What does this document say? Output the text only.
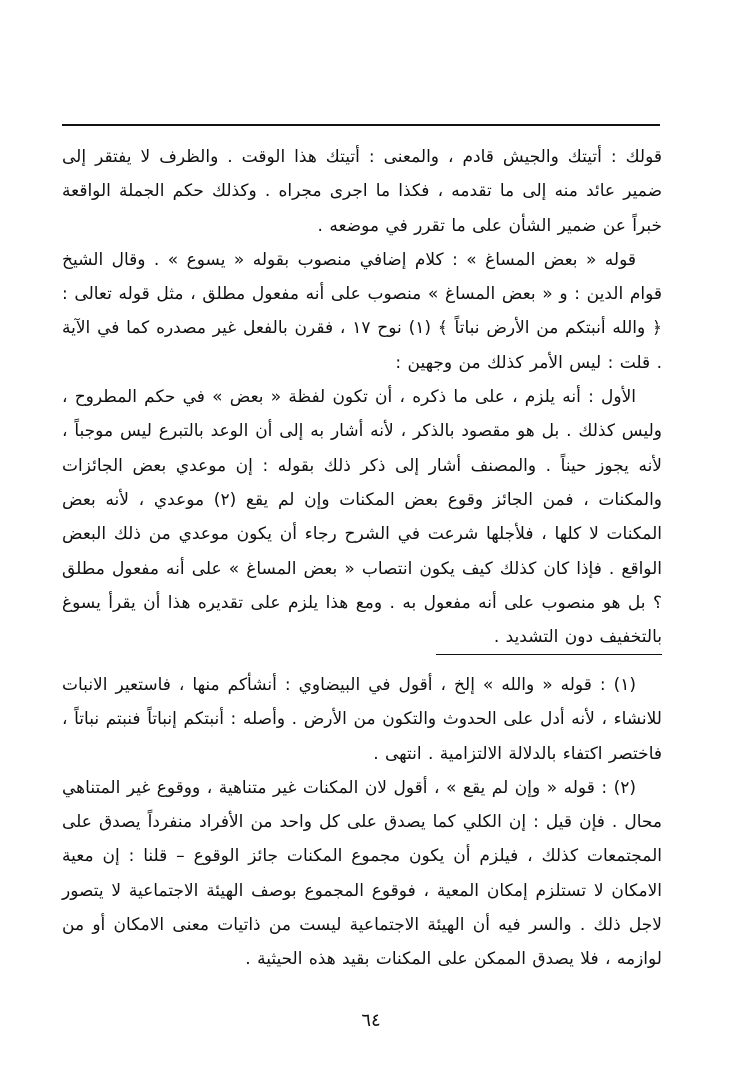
قولك : أتيتك والجيش قادم ، والمعنى : أتيتك هذا الوقت . والظرف لا يفتقر إلى ضمير عائد منه إلى ما تقدمه ، فكذا ما اجرى مجراه . وكذلك حكم الجملة الواقعة خبراً عن ضمير الشأن على ما تقرر في موضعه .

قوله « بعض المساغ » : كلام إضافي منصوب بقوله « يسوع » . وقال الشيخ قوام الدين : و « بعض المساغ » منصوب على أنه مفعول مطلق ، مثل قوله تعالى : ﴿ والله أنبتكم من الأرض نباتاً ﴾ (١) نوح ١٧ ، فقرن بالفعل غير مصدره كما في الآية . قلت : ليس الأمر كذلك من وجهين :

الأول : أنه يلزم ، على ما ذكره ، أن تكون لفظة « بعض » في حكم المطروح ، وليس كذلك . بل هو مقصود بالذكر ، لأنه أشار به إلى أن الوعد بالتبرع ليس موجباً ، لأنه يجوز حيناً . والمصنف أشار إلى ذكر ذلك بقوله : إن موعدي بعض الجائزات والمكنات ، فمن الجائز وقوع بعض المكنات وإن لم يقع (٢) موعدي ، لأنه بعض المكنات لا كلها ، فلأجلها شرعت في الشرح رجاء أن يكون موعدي من ذلك البعض الواقع . فإذا كان كذلك كيف يكون انتصاب « بعض المساغ » على أنه مفعول مطلق ؟ بل هو منصوب على أنه مفعول به . ومع هذا يلزم على تقديره هذا أن يقرأ يسوغ بالتخفيف دون التشديد .

(١) : قوله « والله » إلخ ، أقول في البيضاوي : أنشأكم منها ، فاستعير الانبات للانشاء ، لأنه أدل على الحدوث والتكون من الأرض . وأصله : أنبتكم إنباتاً فنبتم نباتاً ، فاختصر اكتفاء بالدلالة الالتزامية . انتهى .

(٢) : قوله « وإن لم يقع » ، أقول لان المكنات غير متناهية ، ووقوع غير المتناهي محال . فإن قيل : إن الكلي كما يصدق على كل واحد من الأفراد منفرداً يصدق على المجتمعات كذلك ، فيلزم أن يكون مجموع المكنات جائز الوقوع – قلنا : إن معية الامكان لا تستلزم إمكان المعية ، فوقوع المجموع بوصف الهيئة الاجتماعية لا يتصور لاجل ذلك . والسر فيه أن الهيئة الاجتماعية ليست من ذاتيات معنى الامكان أو من لوازمه ، فلا يصدق الممكن على المكنات بقيد هذه الحيثية .

٦٤
